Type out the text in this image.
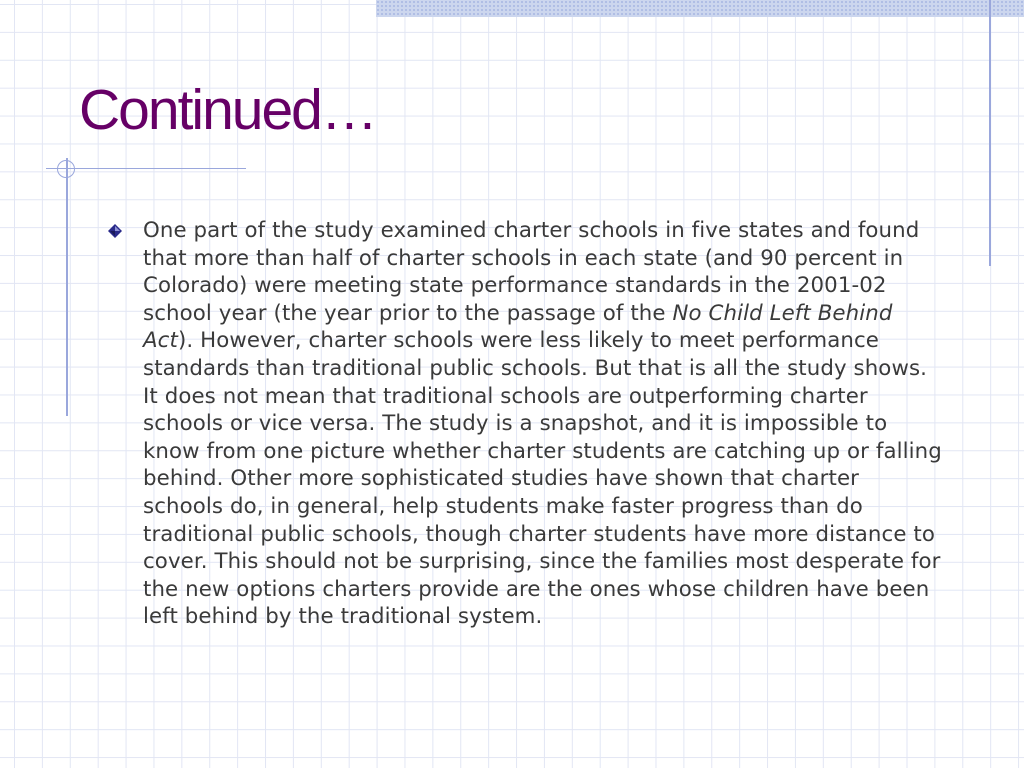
Continued…

One part of the study examined charter schools in five states and found that more than half of charter schools in each state (and 90 percent in Colorado) were meeting state performance standards in the 2001-02 school year (the year prior to the passage of the No Child Left Behind Act). However, charter schools were less likely to meet performance standards than traditional public schools. But that is all the study shows. It does not mean that traditional schools are outperforming charter schools or vice versa. The study is a snapshot, and it is impossible to know from one picture whether charter students are catching up or falling behind. Other more sophisticated studies have shown that charter schools do, in general, help students make faster progress than do traditional public schools, though charter students have more distance to cover. This should not be surprising, since the families most desperate for the new options charters provide are the ones whose children have been left behind by the traditional system.
